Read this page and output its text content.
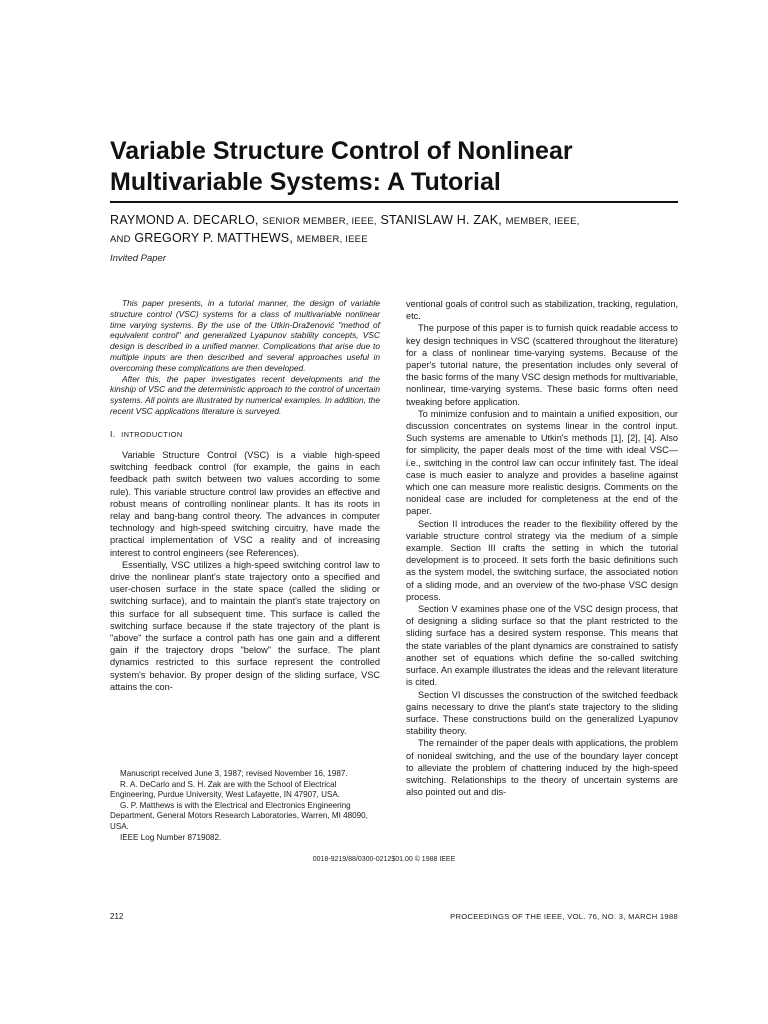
Variable Structure Control of Nonlinear
Multivariable Systems: A Tutorial
RAYMOND A. DECARLO, SENIOR MEMBER, IEEE, STANISLAW H. ZAK, MEMBER, IEEE,
AND GREGORY P. MATTHEWS, MEMBER, IEEE
Invited Paper

This paper presents, in a tutorial manner, the design of variable structure control (VSC) systems for a class of multivariable nonlinear time varying systems. By the use of the Utkin-Draženović "method of equivalent control" and generalized Lyapunov stability concepts, VSC design is described in a unified manner. Complications that arise due to multiple inputs are then described and several approaches useful in overcoming these complications are then developed.

After this, the paper investigates recent developments and the kinship of VSC and the deterministic approach to the control of uncertain systems. All points are illustrated by numerical examples. In addition, the recent VSC applications literature is surveyed.

I. INTRODUCTION

Variable Structure Control (VSC) is a viable high-speed switching feedback control (for example, the gains in each feedback path switch between two values according to some rule). This variable structure control law provides an effective and robust means of controlling nonlinear plants. It has its roots in relay and bang-bang control theory. The advances in computer technology and high-speed switching circuitry, have made the practical implementation of VSC a reality and of increasing interest to control engineers (see References).

Essentially, VSC utilizes a high-speed switching control law to drive the nonlinear plant's state trajectory onto a specified and user-chosen surface in the state space (called the sliding or switching surface), and to maintain the plant's state trajectory on this surface for all subsequent time. This surface is called the switching surface because if the state trajectory of the plant is "above" the surface a control path has one gain and a different gain if the trajectory drops "below" the surface. The plant dynamics restricted to this surface represent the controlled system's behavior. By proper design of the sliding surface, VSC attains the con-

Manuscript received June 3, 1987; revised November 16, 1987.

R. A. DeCarlo and S. H. Zak are with the School of Electrical Engineering, Purdue University, West Lafayette, IN 47907, USA.

G. P. Matthews is with the Electrical and Electronics Engineering Department, General Motors Research Laboratories, Warren, MI 48090, USA.

IEEE Log Number 8719082.

ventional goals of control such as stabilization, tracking, regulation, etc.

The purpose of this paper is to furnish quick readable access to key design techniques in VSC (scattered throughout the literature) for a class of nonlinear time-varying systems. Because of the paper's tutorial nature, the presentation includes only several of the basic forms of the many VSC design methods for multivariable, nonlinear, time-varying systems. These basic forms often need tweaking before application.

To minimize confusion and to maintain a unified exposition, our discussion concentrates on systems linear in the control input. Such systems are amenable to Utkin's methods [1], [2], [4]. Also for simplicity, the paper deals most of the time with ideal VSC—i.e., switching in the control law can occur infinitely fast. The ideal case is much easier to analyze and provides a baseline against which one can measure more realistic designs. Comments on the nonideal case are included for completeness at the end of the paper.

Section II introduces the reader to the flexibility offered by the variable structure control strategy via the medium of a simple example. Section III crafts the setting in which the tutorial development is to proceed. It sets forth the basic definitions such as the system model, the switching surface, the associated notion of a sliding mode, and an overview of the two-phase VSC design process.

Section V examines phase one of the VSC design process, that of designing a sliding surface so that the plant restricted to the sliding surface has a desired system response. This means that the state variables of the plant dynamics are constrained to satisfy another set of equations which define the so-called switching surface. An example illustrates the ideas and the relevant literature is cited.

Section VI discusses the construction of the switched feedback gains necessary to drive the plant's state trajectory to the sliding surface. These constructions build on the generalized Lyapunov stability theory.

The remainder of the paper deals with applications, the problem of nonideal switching, and the use of the boundary layer concept to alleviate the problem of chattering induced by the high-speed switching. Relationships to the theory of uncertain systems are also pointed out and dis-

0018-9219/88/0300-0212$01.00 © 1988 IEEE
212	PROCEEDINGS OF THE IEEE, VOL. 76, NO. 3, MARCH 1988
